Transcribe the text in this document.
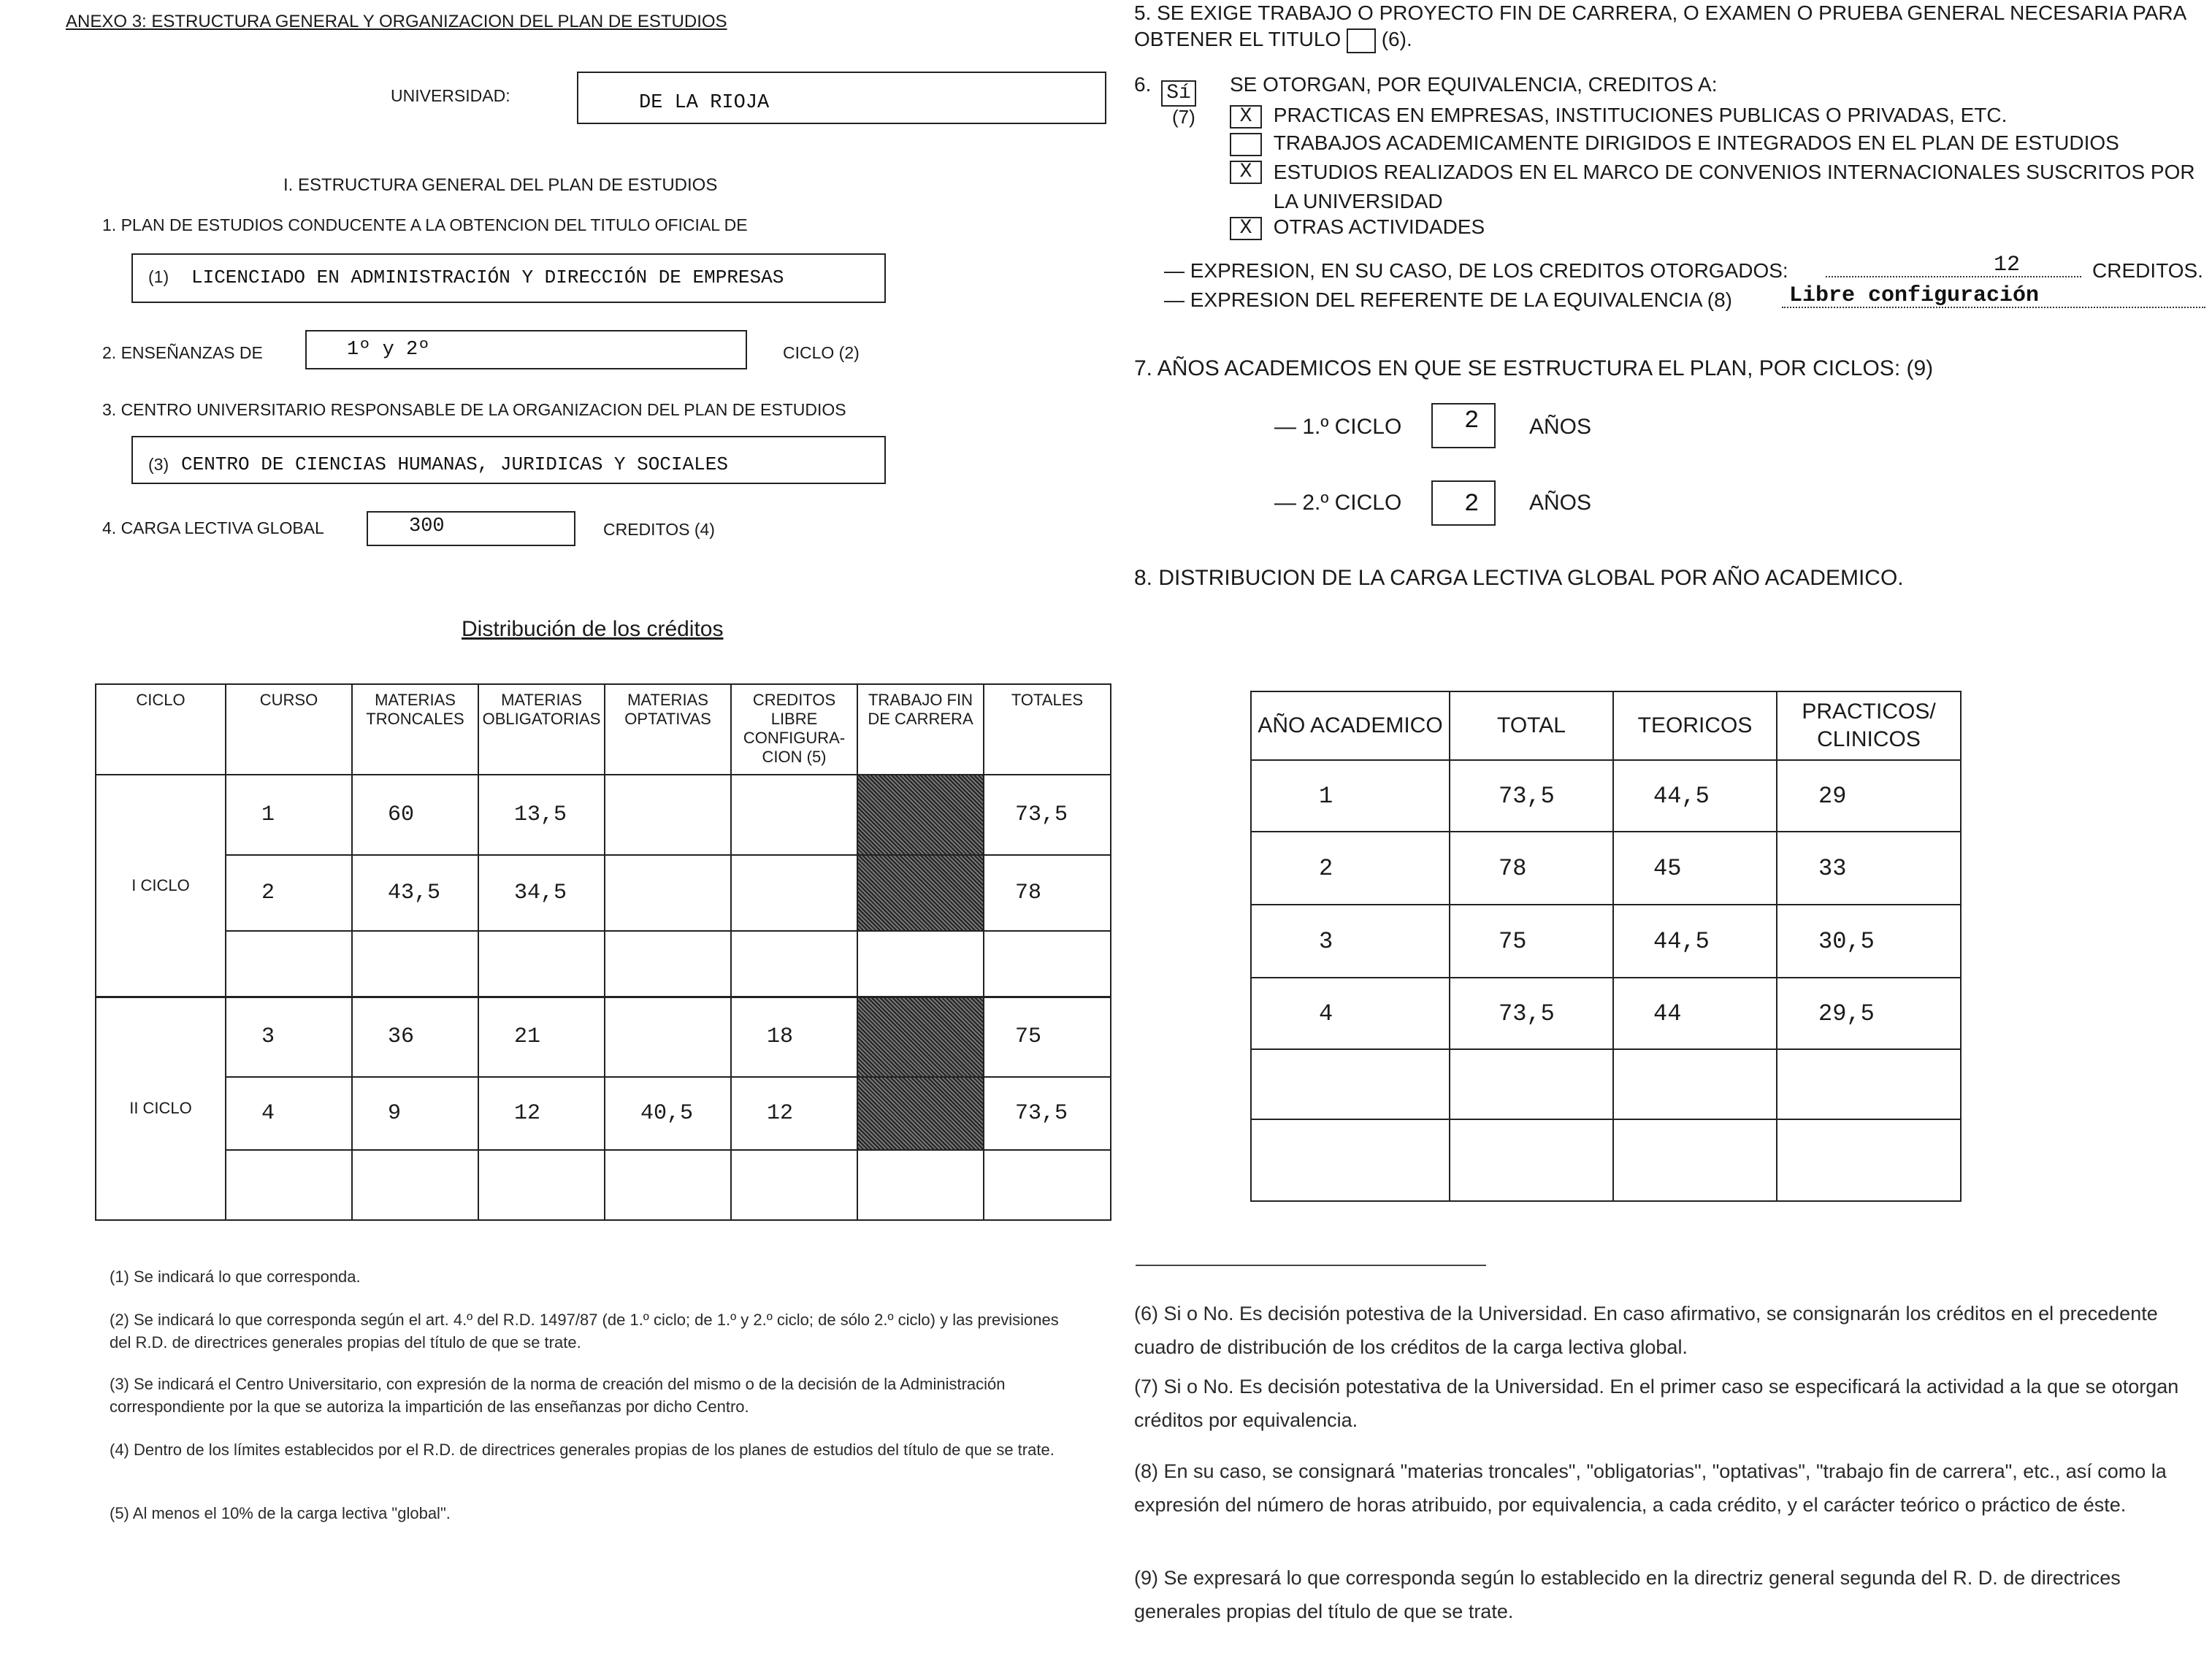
ANEXO 3: ESTRUCTURA GENERAL Y ORGANIZACION DEL PLAN DE ESTUDIOS
UNIVERSIDAD:	DE LA RIOJA
I. ESTRUCTURA GENERAL DEL PLAN DE ESTUDIOS
1. PLAN DE ESTUDIOS CONDUCENTE A LA OBTENCION DEL TITULO OFICIAL DE
(1) LICENCIADO EN ADMINISTRACIÓN Y DIRECCIÓN DE EMPRESAS
2. ENSEÑANZAS DE	1º y 2º	CICLO (2)
3. CENTRO UNIVERSITARIO RESPONSABLE DE LA ORGANIZACION DEL PLAN DE ESTUDIOS
(3) CENTRO DE CIENCIAS HUMANAS, JURIDICAS Y SOCIALES
4. CARGA LECTIVA GLOBAL	300	CREDITOS (4)
Distribución de los créditos
CICLO	CURSO	MATERIAS TRONCALES	MATERIAS OBLIGATORIAS	MATERIAS OPTATIVAS	CREDITOS LIBRE CONFIGURA-CION (5)	TRABAJO FIN DE CARRERA	TOTALES
I CICLO	1	60	13,5				73,5
	2	43,5	34,5				78

II CICLO	3	36	21		18		75
	4	9	12	40,5	12		73,5

(1) Se indicará lo que corresponda.
(2) Se indicará lo que corresponda según el art. 4.º del R.D. 1497/87 (de 1.º ciclo; de 1.º y 2.º ciclo; de sólo 2.º ciclo) y las previsiones del R.D. de directrices generales propias del título de que se trate.
(3) Se indicará el Centro Universitario, con expresión de la norma de creación del mismo o de la decisión de la Administración correspondiente por la que se autoriza la impartición de las enseñanzas por dicho Centro.
(4) Dentro de los límites establecidos por el R.D. de directrices generales propias de los planes de estudios del título de que se trate.
(5) Al menos el 10% de la carga lectiva "global".
5. SE EXIGE TRABAJO O PROYECTO FIN DE CARRERA, O EXAMEN O PRUEBA GENERAL NECESARIA PARA OBTENER EL TITULO (6).
6. Sí
(7)
SE OTORGAN, POR EQUIVALENCIA, CREDITOS A:
X PRACTICAS EN EMPRESAS, INSTITUCIONES PUBLICAS O PRIVADAS, ETC.
TRABAJOS ACADEMICAMENTE DIRIGIDOS E INTEGRADOS EN EL PLAN DE ESTUDIOS
X ESTUDIOS REALIZADOS EN EL MARCO DE CONVENIOS INTERNACIONALES SUSCRITOS POR LA UNIVERSIDAD
X OTRAS ACTIVIDADES
— EXPRESION, EN SU CASO, DE LOS CREDITOS OTORGADOS:	12	CREDITOS.
— EXPRESION DEL REFERENTE DE LA EQUIVALENCIA (8)	Libre configuración
7. AÑOS ACADEMICOS EN QUE SE ESTRUCTURA EL PLAN, POR CICLOS: (9)
— 1.º CICLO	2 AÑOS
— 2.º CICLO	2 AÑOS
8. DISTRIBUCION DE LA CARGA LECTIVA GLOBAL POR AÑO ACADEMICO.
AÑO ACADEMICO	TOTAL	TEORICOS	PRACTICOS/ CLINICOS
1	73,5	44,5	29
2	78	45	33
3	75	44,5	30,5
4	73,5	44	29,5

(6) Si o No. Es decisión potestiva de la Universidad. En caso afirmativo, se consignarán los créditos en el precedente cuadro de distribución de los créditos de la carga lectiva global.
(7) Si o No. Es decisión potestativa de la Universidad. En el primer caso se especificará la actividad a la que se otorgan créditos por equivalencia.
(8) En su caso, se consignará "materias troncales", "obligatorias", "optativas", "trabajo fin de carrera", etc., así como la expresión del número de horas atribuido, por equivalencia, a cada crédito, y el carácter teórico o práctico de éste.
(9) Se expresará lo que corresponda según lo establecido en la directriz general segunda del R. D. de directrices generales propias del título de que se trate.
